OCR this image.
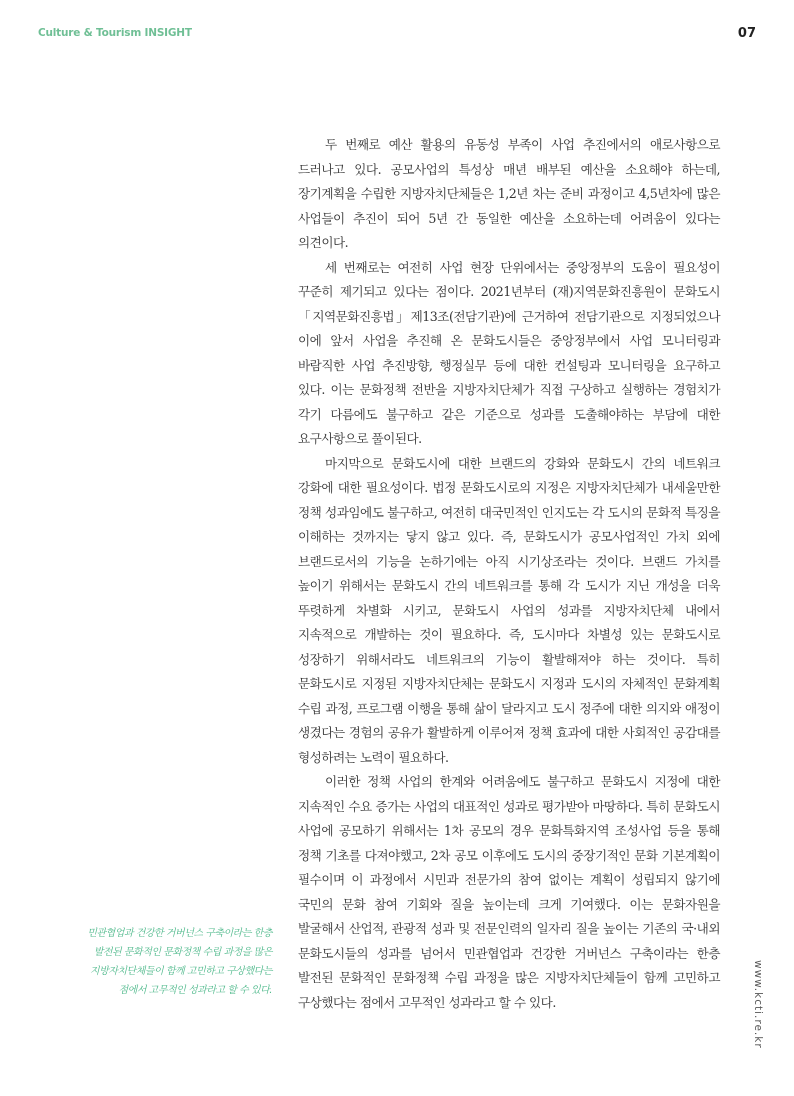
Culture & Tourism INSIGHT	07

두 번째로 예산 활용의 유동성 부족이 사업 추진에서의 애로사항으로 드러나고 있다. 공모사업의 특성상 매년 배부된 예산을 소요해야 하는데, 장기계획을 수립한 지방자치단체들은 1,2년 차는 준비 과정이고 4,5년차에 많은 사업들이 추진이 되어 5년 간 동일한 예산을 소요하는데 어려움이 있다는 의견이다.

세 번째로는 여전히 사업 현장 단위에서는 중앙정부의 도움이 필요성이 꾸준히 제기되고 있다는 점이다. 2021년부터 (재)지역문화진흥원이 문화도시「지역문화진흥법」제13조(전담기관)에 근거하여 전담기관으로 지정되었으나 이에 앞서 사업을 추진해 온 문화도시들은 중앙정부에서 사업 모니터링과 바람직한 사업 추진방향, 행정실무 등에 대한 컨설팅과 모니터링을 요구하고 있다. 이는 문화정책 전반을 지방자치단체가 직접 구상하고 실행하는 경험치가 각기 다름에도 불구하고 같은 기준으로 성과를 도출해야하는 부담에 대한 요구사항으로 풀이된다.

마지막으로 문화도시에 대한 브랜드의 강화와 문화도시 간의 네트워크 강화에 대한 필요성이다. 법정 문화도시로의 지정은 지방자치단체가 내세울만한 정책 성과임에도 불구하고, 여전히 대국민적인 인지도는 각 도시의 문화적 특징을 이해하는 것까지는 닿지 않고 있다. 즉, 문화도시가 공모사업적인 가치 외에 브랜드로서의 기능을 논하기에는 아직 시기상조라는 것이다. 브랜드 가치를 높이기 위해서는 문화도시 간의 네트워크를 통해 각 도시가 지닌 개성을 더욱 뚜렷하게 차별화 시키고, 문화도시 사업의 성과를 지방자치단체 내에서 지속적으로 개발하는 것이 필요하다. 즉, 도시마다 차별성 있는 문화도시로 성장하기 위해서라도 네트워크의 기능이 활발해져야 하는 것이다. 특히 문화도시로 지정된 지방자치단체는 문화도시 지정과 도시의 자체적인 문화계획 수립 과정, 프로그램 이행을 통해 삶이 달라지고 도시 정주에 대한 의지와 애정이 생겼다는 경험의 공유가 활발하게 이루어져 정책 효과에 대한 사회적인 공감대를 형성하려는 노력이 필요하다.

이러한 정책 사업의 한계와 어려움에도 불구하고 문화도시 지정에 대한 지속적인 수요 증가는 사업의 대표적인 성과로 평가받아 마땅하다. 특히 문화도시 사업에 공모하기 위해서는 1차 공모의 경우 문화특화지역 조성사업 등을 통해 정책 기초를 다져야했고, 2차 공모 이후에도 도시의 중장기적인 문화 기본계획이 필수이며 이 과정에서 시민과 전문가의 참여 없이는 계획이 성립되지 않기에 국민의 문화 참여 기회와 질을 높이는데 크게 기여했다. 이는 문화자원을 발굴해서 산업적, 관광적 성과 및 전문인력의 일자리 질을 높이는 기존의 국·내외 문화도시들의 성과를 넘어서 민관협업과 건강한 거버넌스 구축이라는 한층 발전된 문화적인 문화정책 수립 과정을 많은 지방자치단체들이 함께 고민하고 구상했다는 점에서 고무적인 성과라고 할 수 있다.

민관협업과 건강한 거버넌스 구축이라는 한층 발전된 문화적인 문화정책 수립 과정을 많은 지방자치단체들이 함께 고민하고 구상했다는 점에서 고무적인 성과라고 할 수 있다.	www.kcti.re.kr
